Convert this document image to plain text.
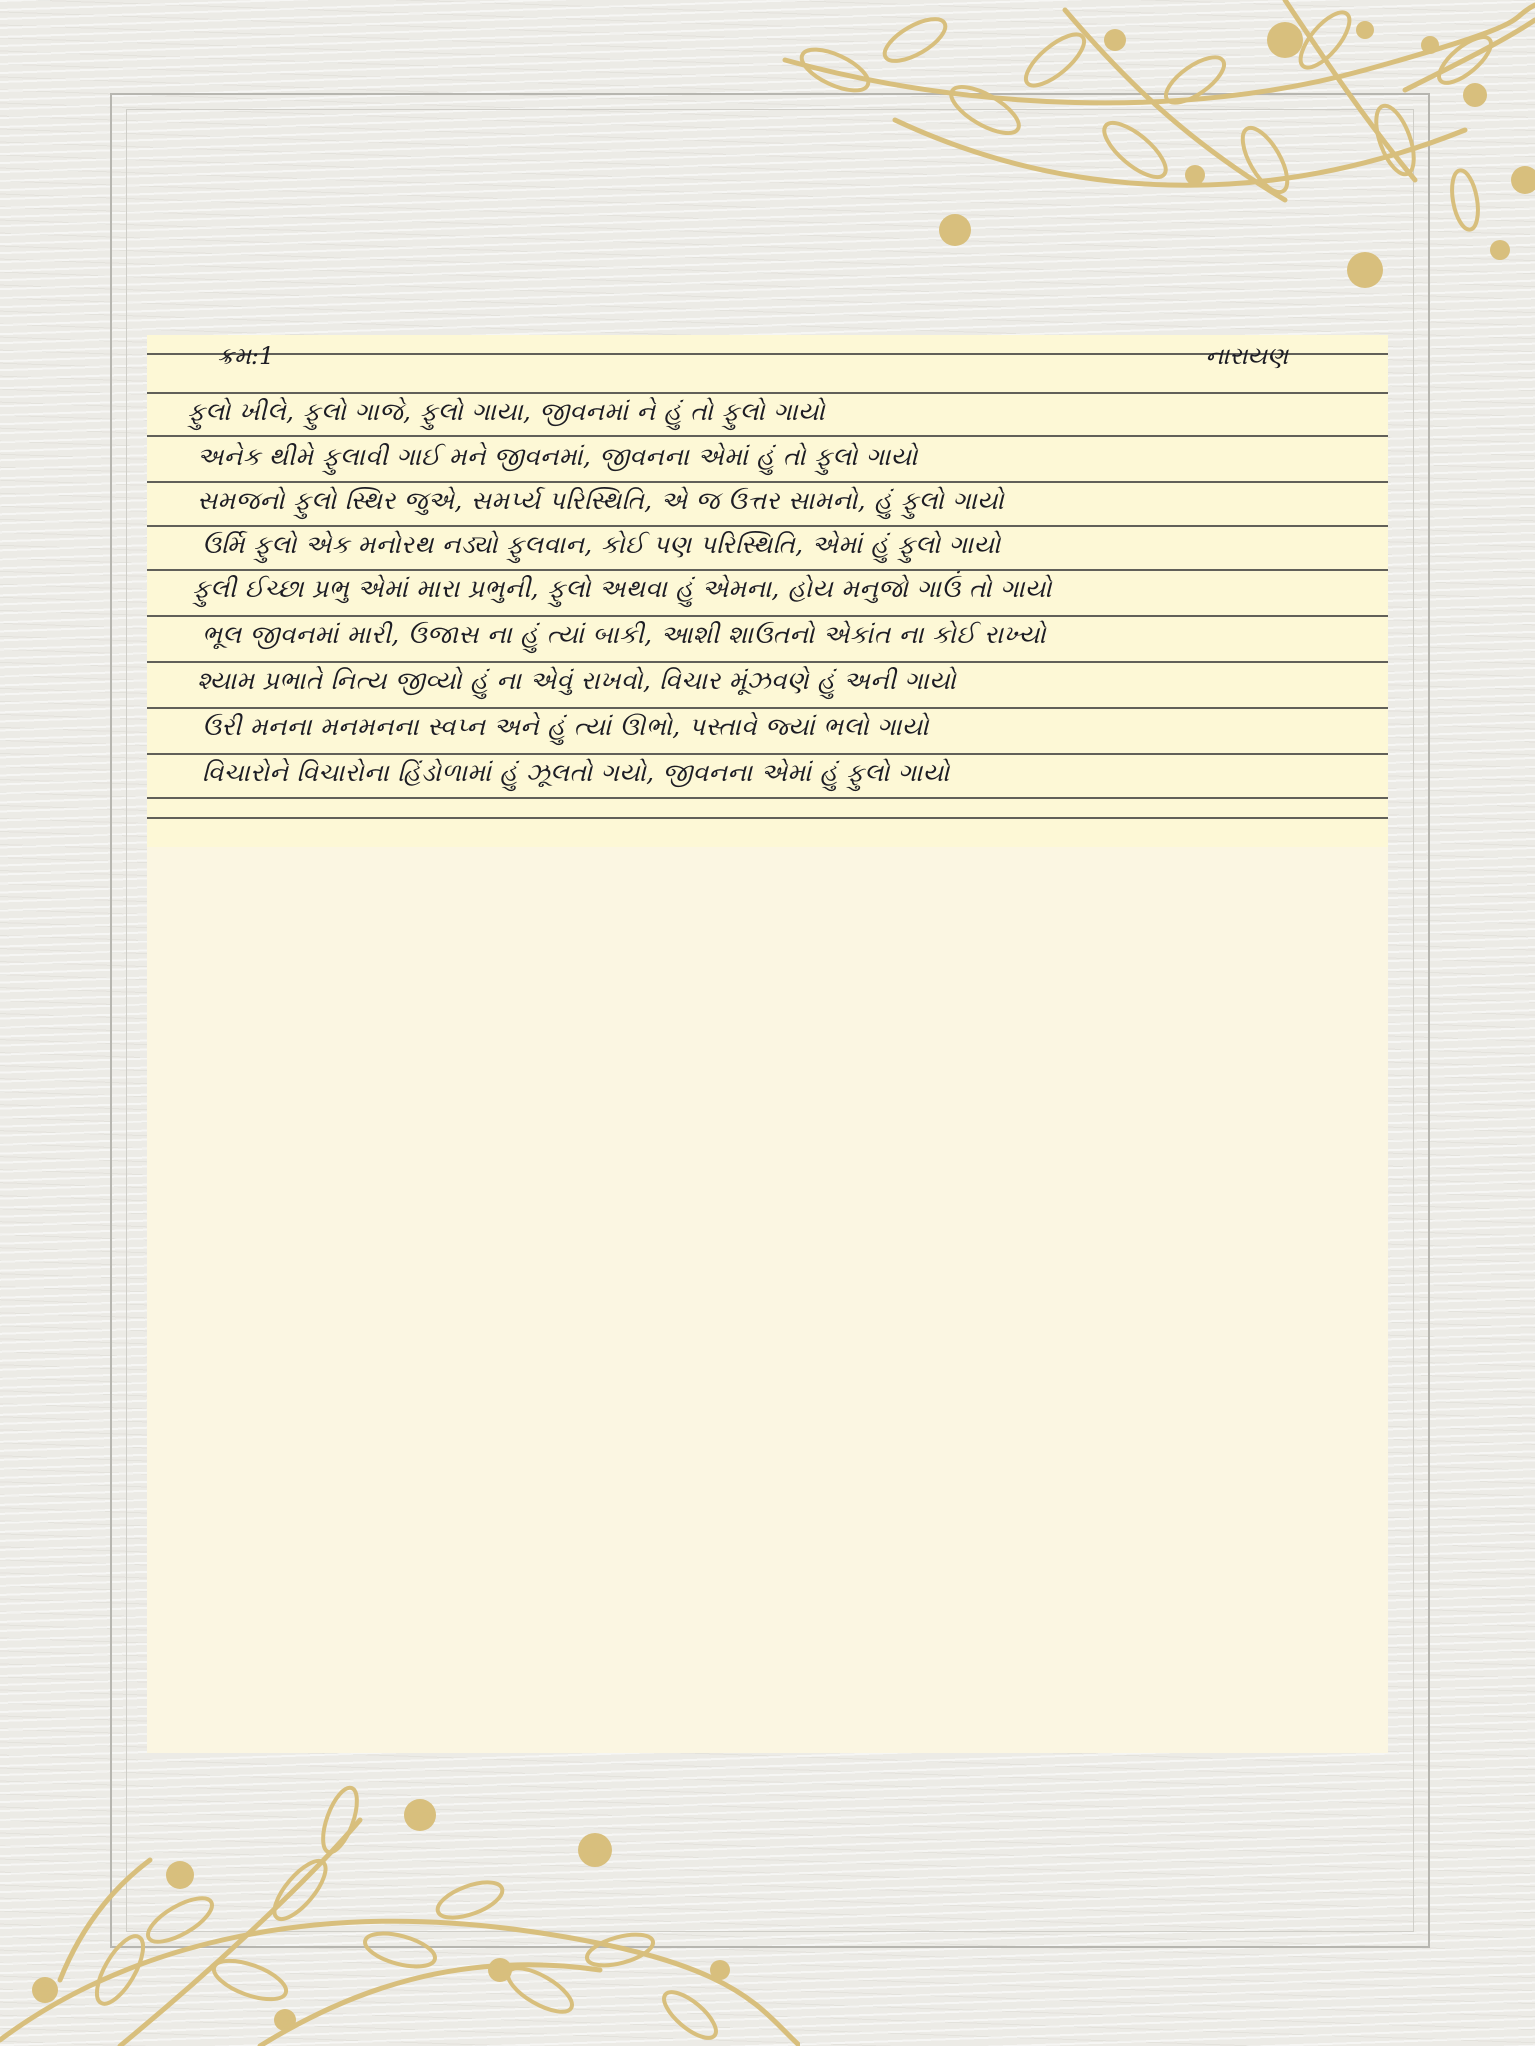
ક્રમ:1	નારાયણ
ફુલો ખીલે, ફુલો ગાજે, ફુલો ગાયા, જીવનમાં ને હું તો ફુલો ગાયો
અનેક થીમે ફુલાવી ગાઈ મને જીવનમાં, જીવનના એમાં હું તો ફુલો ગાયો
સમજનો ફુલો સ્થિર જુએ, સમર્પ્ય પરિસ્થિતિ, એ જ ઉત્તર સામનો, હું ફુલો ગાયો
ઉર્મિ ફુલો એક મનોરથ નડ્યો ફુલવાન, કોઈ પણ પરિસ્થિતિ, એમાં હું ફુલો ગાયો
ફુલી ઈચ્છા પ્રભુ એમાં મારા પ્રભુની, ફુલો અથવા હું એમના, હોય મનુજો ગાઉં તો ગાયો
ભૂલ જીવનમાં મારી, ઉજાસ ના હું ત્યાં બાકી, આશી શાઉતનો એકાંત ના કોઈ રાખ્યો
શ્યામ પ્રભાતે નિત્ય જીવ્યો હું ના એવું રાખવો, વિચાર મૂંઝવણે હું અની ગાયો
ઉરી મનના મનમનના સ્વપ્ન અને હું ત્યાં ઊભો, પસ્તાવે જ્યાં ભલો ગાયો
વિચારોને વિચારોના હિંડોળામાં હું ઝૂલતો ગયો, જીવનના એમાં હું ફુલો ગાયો
